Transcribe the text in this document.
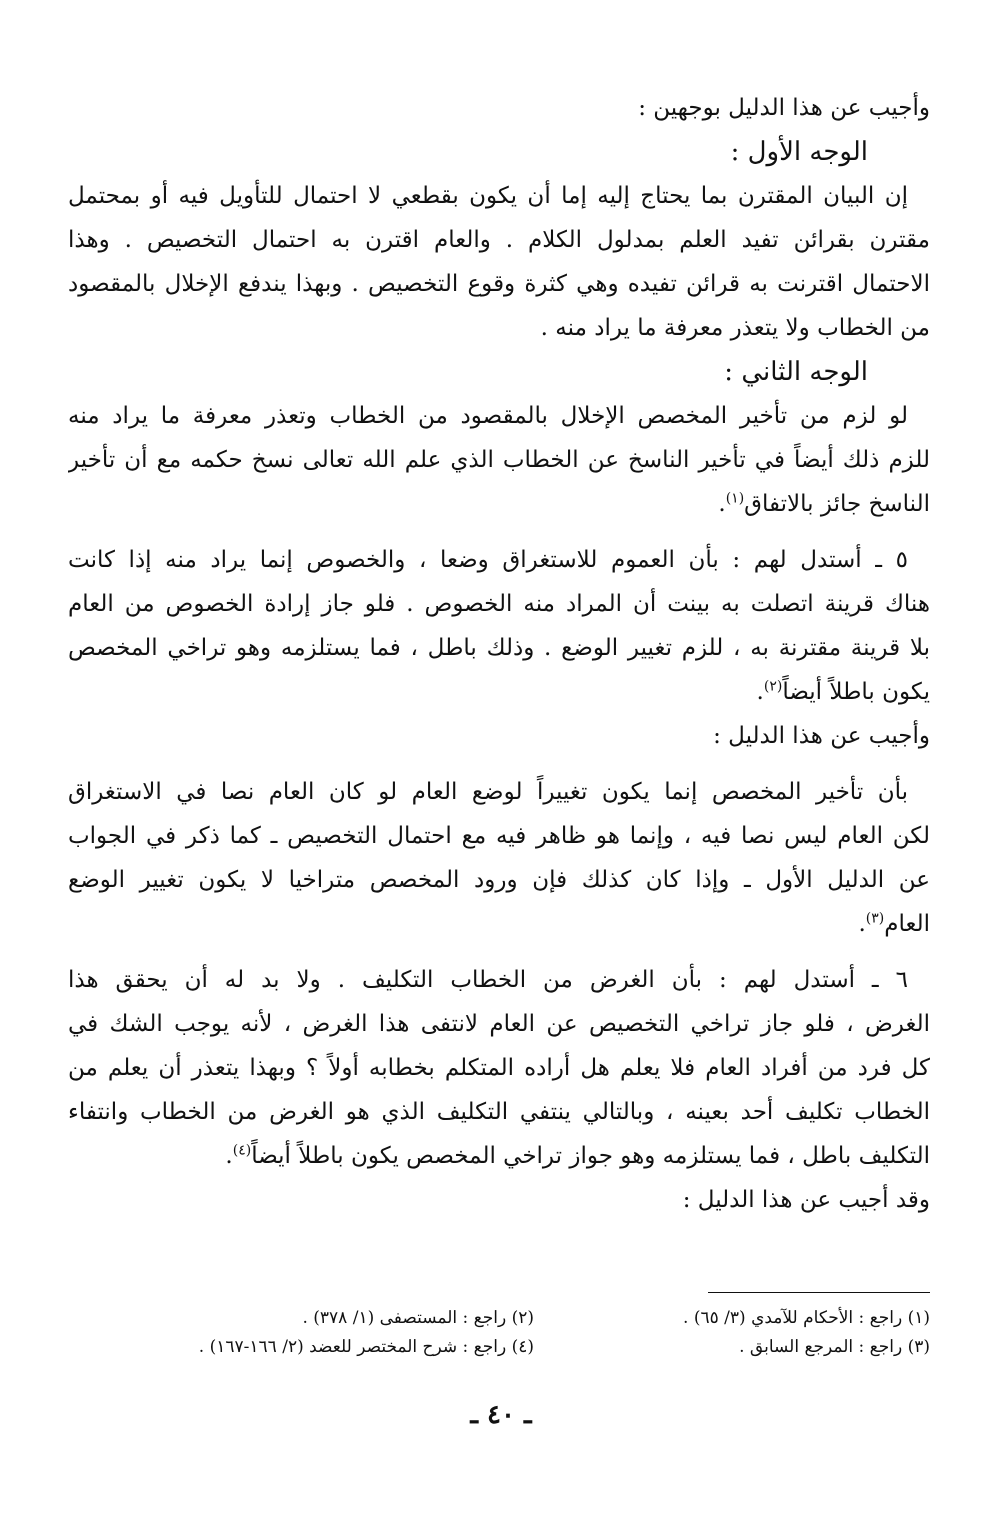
وأجيب عن هذا الدليل بوجهين :
الوجه الأول :
إن البيان المقترن بما يحتاج إليه إما أن يكون بقطعي لا احتمال للتأويل فيه أو بمحتمل
مقترن بقرائن تفيد العلم بمدلول الكلام . والعام اقترن به احتمال التخصيص . وهذا
الاحتمال اقترنت به قرائن تفيده وهي كثرة وقوع التخصيص . وبهذا يندفع الإخلال بالمقصود
من الخطاب ولا يتعذر معرفة ما يراد منه .
الوجه الثاني :
لو لزم من تأخير المخصص الإخلال بالمقصود من الخطاب وتعذر معرفة ما يراد منه
للزم ذلك أيضاً في تأخير الناسخ عن الخطاب الذي علم الله تعالى نسخ حكمه مع أن تأخير
الناسخ جائز بالاتفاق$^{(١)}$.
٥ ـ أستدل لهم : بأن العموم للاستغراق وضعا ، والخصوص إنما يراد منه إذا كانت
هناك قرينة اتصلت به بينت أن المراد منه الخصوص . فلو جاز إرادة الخصوص من العام
بلا قرينة مقترنة به ، للزم تغيير الوضع . وذلك باطل ، فما يستلزمه وهو تراخي المخصص
يكون باطلاً أيضاً$^{(٢)}$.
وأجيب عن هذا الدليل :
بأن تأخير المخصص إنما يكون تغييراً لوضع العام لو كان العام نصا في الاستغراق
لكن العام ليس نصا فيه ، وإنما هو ظاهر فيه مع احتمال التخصيص ـ كما ذكر في الجواب
عن الدليل الأول ـ وإذا كان كذلك فإن ورود المخصص متراخيا لا يكون تغيير الوضع
العام$^{(٣)}$.
٦ ـ أستدل لهم : بأن الغرض من الخطاب التكليف . ولا بد له أن يحقق هذا
الغرض ، فلو جاز تراخي التخصيص عن العام لانتفى هذا الغرض ، لأنه يوجب الشك في
كل فرد من أفراد العام فلا يعلم هل أراده المتكلم بخطابه أولاً ؟ وبهذا يتعذر أن يعلم من
الخطاب تكليف أحد بعينه ، وبالتالي ينتفي التكليف الذي هو الغرض من الخطاب وانتفاء
التكليف باطل ، فما يستلزمه وهو جواز تراخي المخصص يكون باطلاً أيضاً$^{(٤)}$.
وقد أجيب عن هذا الدليل :
(١) راجع : الأحكام للآمدي (٣/ ٦٥) .
(٢) راجع : المستصفى (١/ ٣٧٨) .
(٣) راجع : المرجع السابق .
(٤) راجع : شرح المختصر للعضد (٢/ ١٦٦-١٦٧) .
ـ ٤٠ ـ
